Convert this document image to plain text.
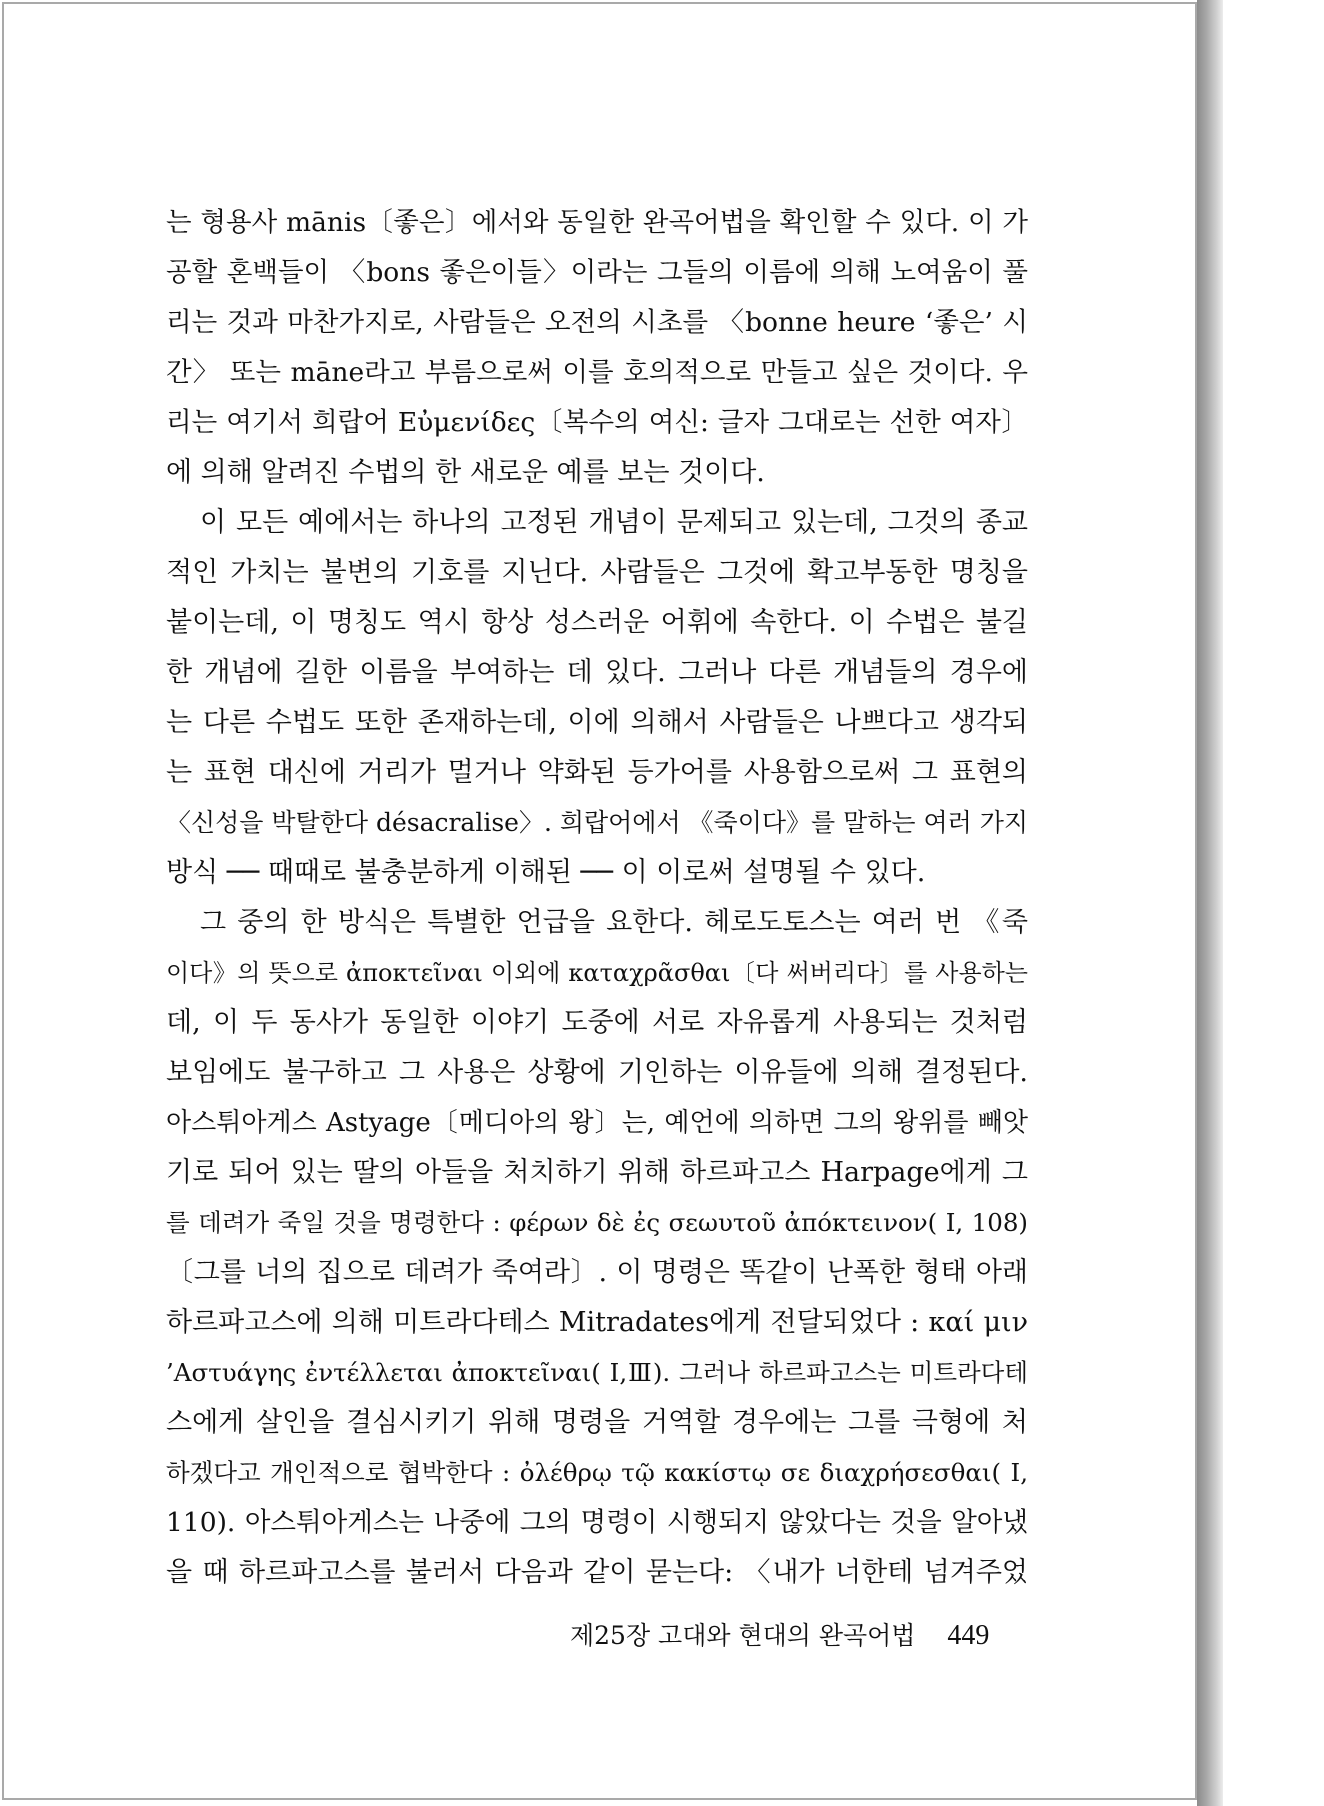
는 형용사 mānis〔좋은〕에서와 동일한 완곡어법을 확인할 수 있다. 이 가
공할 혼백들이 〈bons 좋은이들〉이라는 그들의 이름에 의해 노여움이 풀
리는 것과 마찬가지로, 사람들은 오전의 시초를 〈bonne heure ‘좋은’ 시
간〉 또는 māne라고 부름으로써 이를 호의적으로 만들고 싶은 것이다. 우
리는 여기서 희랍어 Εὐμενίδες〔복수의 여신: 글자 그대로는 선한 여자〕
에 의해 알려진 수법의 한 새로운 예를 보는 것이다.
이 모든 예에서는 하나의 고정된 개념이 문제되고 있는데, 그것의 종교
적인 가치는 불변의 기호를 지닌다. 사람들은 그것에 확고부동한 명칭을
붙이는데, 이 명칭도 역시 항상 성스러운 어휘에 속한다. 이 수법은 불길
한 개념에 길한 이름을 부여하는 데 있다. 그러나 다른 개념들의 경우에
는 다른 수법도 또한 존재하는데, 이에 의해서 사람들은 나쁘다고 생각되
는 표현 대신에 거리가 멀거나 약화된 등가어를 사용함으로써 그 표현의
〈신성을 박탈한다 désacralise〉. 희랍어에서 《죽이다》를 말하는 여러 가지
방식 ── 때때로 불충분하게 이해된 ── 이 이로써 설명될 수 있다.
그 중의 한 방식은 특별한 언급을 요한다. 헤로도토스는 여러 번 《죽
이다》의 뜻으로 ἀποκτεῖναι 이외에 καταχρᾶσθαι〔다 써버리다〕를 사용하는
데, 이 두 동사가 동일한 이야기 도중에 서로 자유롭게 사용되는 것처럼
보임에도 불구하고 그 사용은 상황에 기인하는 이유들에 의해 결정된다.
아스튀아게스 Astyage〔메디아의 왕〕는, 예언에 의하면 그의 왕위를 빼앗
기로 되어 있는 딸의 아들을 처치하기 위해 하르파고스 Harpage에게 그
를 데려가 죽일 것을 명령한다 : φέρων δὲ ἐς σεωυτοῦ ἀπόκτεινον( I, 108)
〔그를 너의 집으로 데려가 죽여라〕. 이 명령은 똑같이 난폭한 형태 아래
하르파고스에 의해 미트라다테스 Mitradates에게 전달되었다 : καί μιν
’Αστυάγης ἐντέλλεται ἀποκτεῖναι( I,Ⅲ). 그러나 하르파고스는 미트라다테
스에게 살인을 결심시키기 위해 명령을 거역할 경우에는 그를 극형에 처
하겠다고 개인적으로 협박한다 : ὀλέθρῳ τῷ κακίστῳ σε διαχρήσεσθαι( I,
110). 아스튀아게스는 나중에 그의 명령이 시행되지 않았다는 것을 알아냈
을 때 하르파고스를 불러서 다음과 같이 묻는다: 〈내가 너한테 넘겨주었
제25장 고대와 현대의 완곡어법 449
